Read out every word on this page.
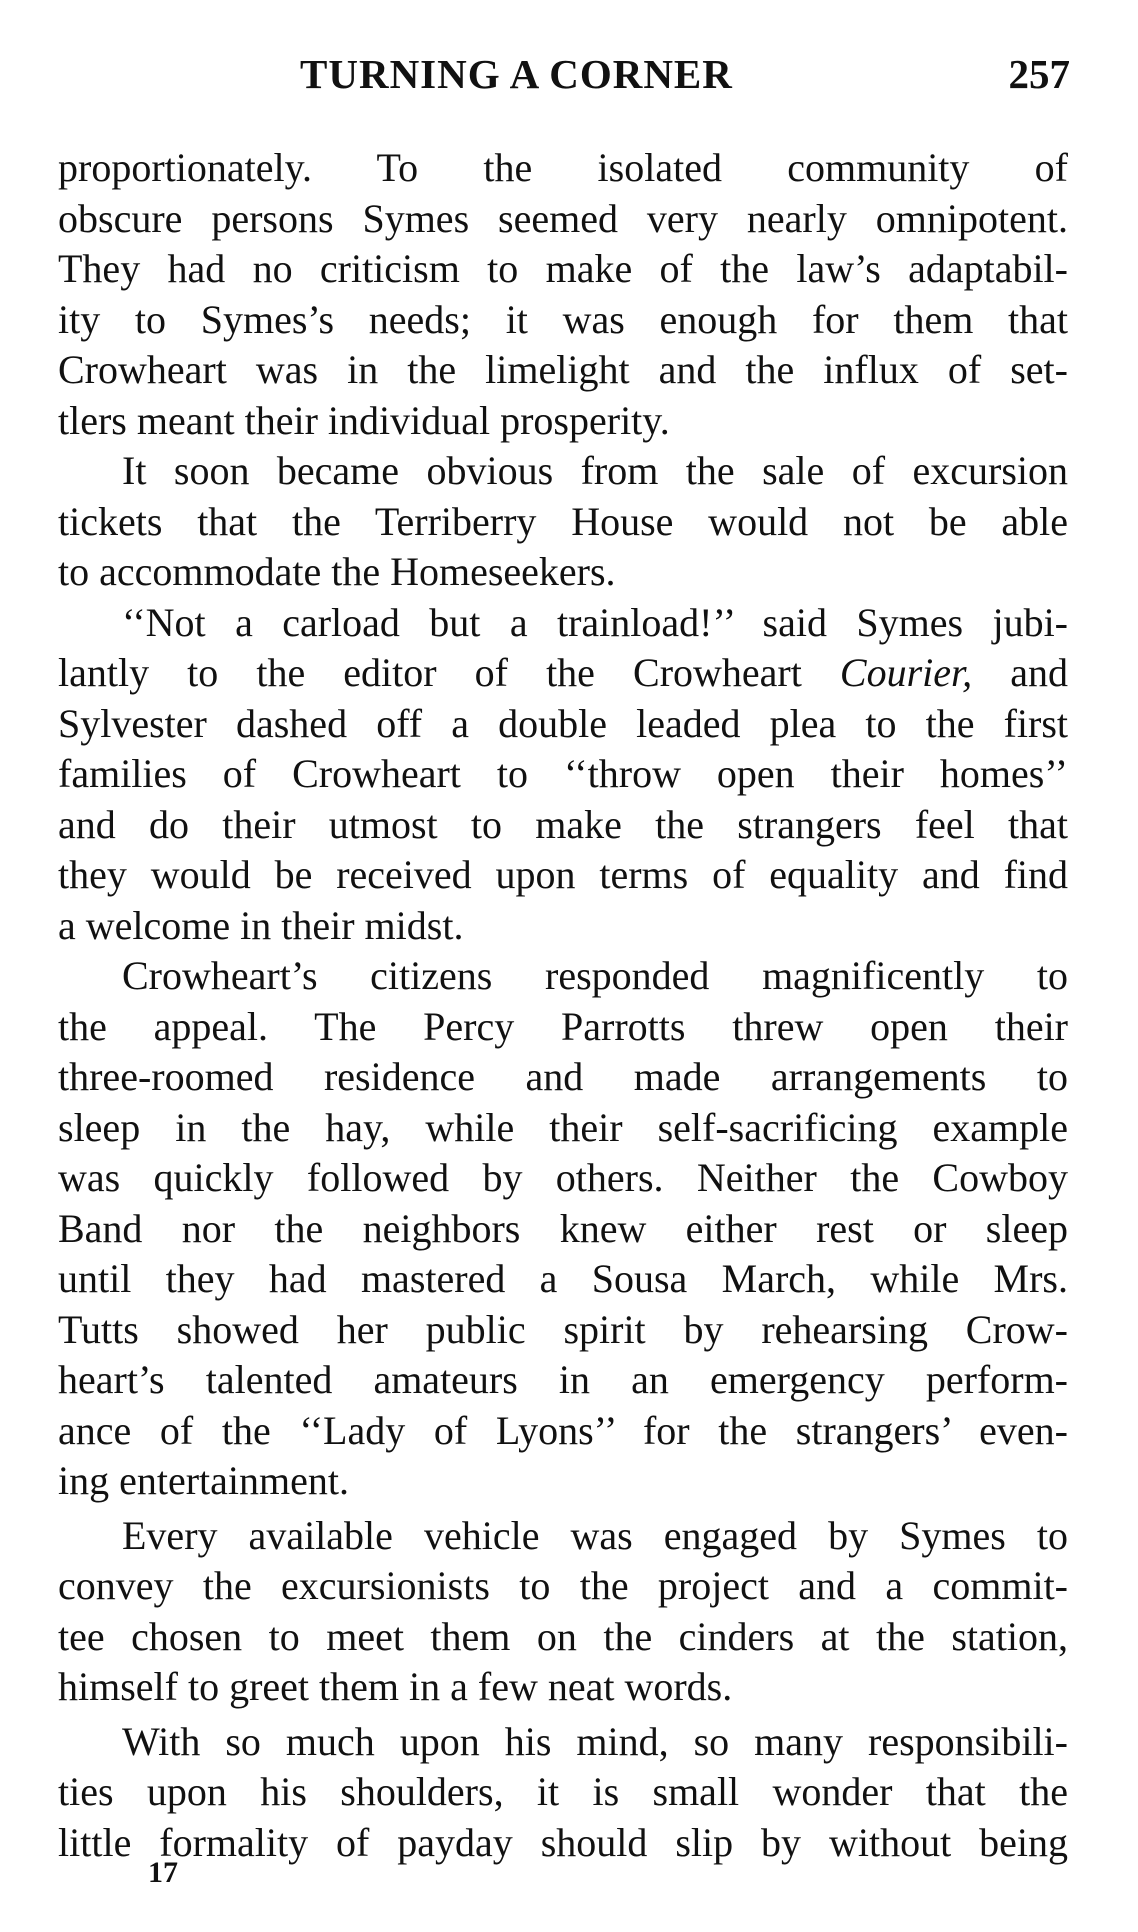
TURNING A CORNER	257
proportionately. To the isolated community of
obscure persons Symes seemed very nearly omnipotent.
They had no criticism to make of the law’s adaptabil-
ity to Symes’s needs; it was enough for them that
Crowheart was in the limelight and the influx of set-
tlers meant their individual prosperity.
It soon became obvious from the sale of excursion
tickets that the Terriberry House would not be able
to accommodate the Homeseekers.
‘‘Not a carload but a trainload!’’ said Symes jubi-
lantly to the editor of the Crowheart Courier, and
Sylvester dashed off a double leaded plea to the first
families of Crowheart to ‘‘throw open their homes’’
and do their utmost to make the strangers feel that
they would be received upon terms of equality and find
a welcome in their midst.
Crowheart’s citizens responded magnificently to
the appeal. The Percy Parrotts threw open their
three-roomed residence and made arrangements to
sleep in the hay, while their self-sacrificing example
was quickly followed by others. Neither the Cowboy
Band nor the neighbors knew either rest or sleep
until they had mastered a Sousa March, while Mrs.
Tutts showed her public spirit by rehearsing Crow-
heart’s talented amateurs in an emergency perform-
ance of the ‘‘Lady of Lyons’’ for the strangers’ even-
ing entertainment.
Every available vehicle was engaged by Symes to
convey the excursionists to the project and a commit-
tee chosen to meet them on the cinders at the station,
himself to greet them in a few neat words.
With so much upon his mind, so many responsibili-
ties upon his shoulders, it is small wonder that the
little formality of payday should slip by without being
17
